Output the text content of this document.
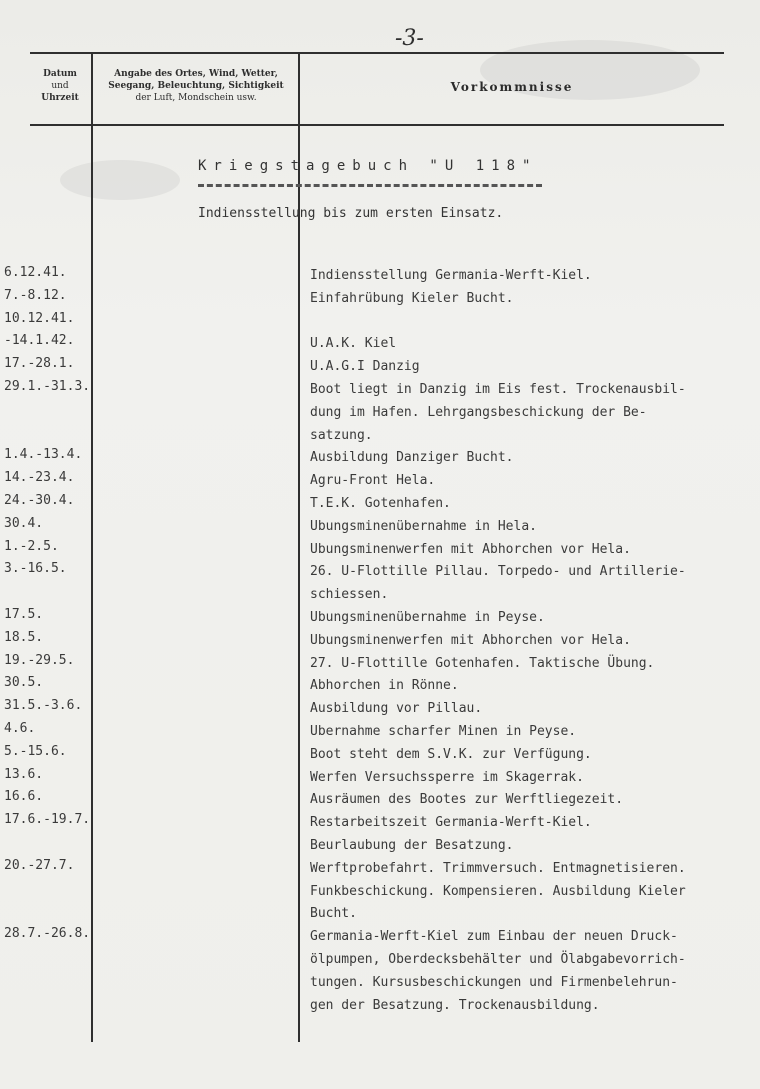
-3-
Datum
und
Uhrzeit
Angabe des Ortes, Wind, Wetter,
Seegang, Beleuchtung, Sichtigkeit
der Luft, Mondschein usw.
Vorkommnisse
Kriegstagebuch "U 118"
Indiensstellung bis zum ersten Einsatz.
6.12.41.	Indiensstellung Germania-Werft-Kiel.
7.-8.12.	Einfahrübung Kieler Bucht.
10.12.41.
-14.1.42.	U.A.K. Kiel
17.-28.1.	U.A.G.I Danzig
29.1.-31.3.	Boot liegt in Danzig im Eis fest. Trockenausbil-
dung im Hafen. Lehrgangsbeschickung der Be-
satzung.
1.4.-13.4.	Ausbildung Danziger Bucht.
14.-23.4.	Agru-Front Hela.
24.-30.4.	T.E.K. Gotenhafen.
30.4.	Ubungsminenübernahme in Hela.
1.-2.5.	Ubungsminenwerfen mit Abhorchen vor Hela.
3.-16.5.	26. U-Flottille Pillau. Torpedo- und Artillerie-
schiessen.
17.5.	Ubungsminenübernahme in Peyse.
18.5.	Ubungsminenwerfen mit Abhorchen vor Hela.
19.-29.5.	27. U-Flottille Gotenhafen. Taktische Übung.
30.5.	Abhorchen in Rönne.
31.5.-3.6.	Ausbildung vor Pillau.
4.6.	Ubernahme scharfer Minen in Peyse.
5.-15.6.	Boot steht dem S.V.K. zur Verfügung.
13.6.	Werfen Versuchssperre im Skagerrak.
16.6.	Ausräumen des Bootes zur Werftliegezeit.
17.6.-19.7.	Restarbeitszeit Germania-Werft-Kiel.
Beurlaubung der Besatzung.
20.-27.7.	Werftprobefahrt. Trimmversuch. Entmagnetisieren.
Funkbeschickung. Kompensieren. Ausbildung Kieler
Bucht.
28.7.-26.8.	Germania-Werft-Kiel zum Einbau der neuen Druck-
ölpumpen, Oberdecksbehälter und Ölabgabevorrich-
tungen. Kursusbeschickungen und Firmenbelehrun-
gen der Besatzung. Trockenausbildung.
